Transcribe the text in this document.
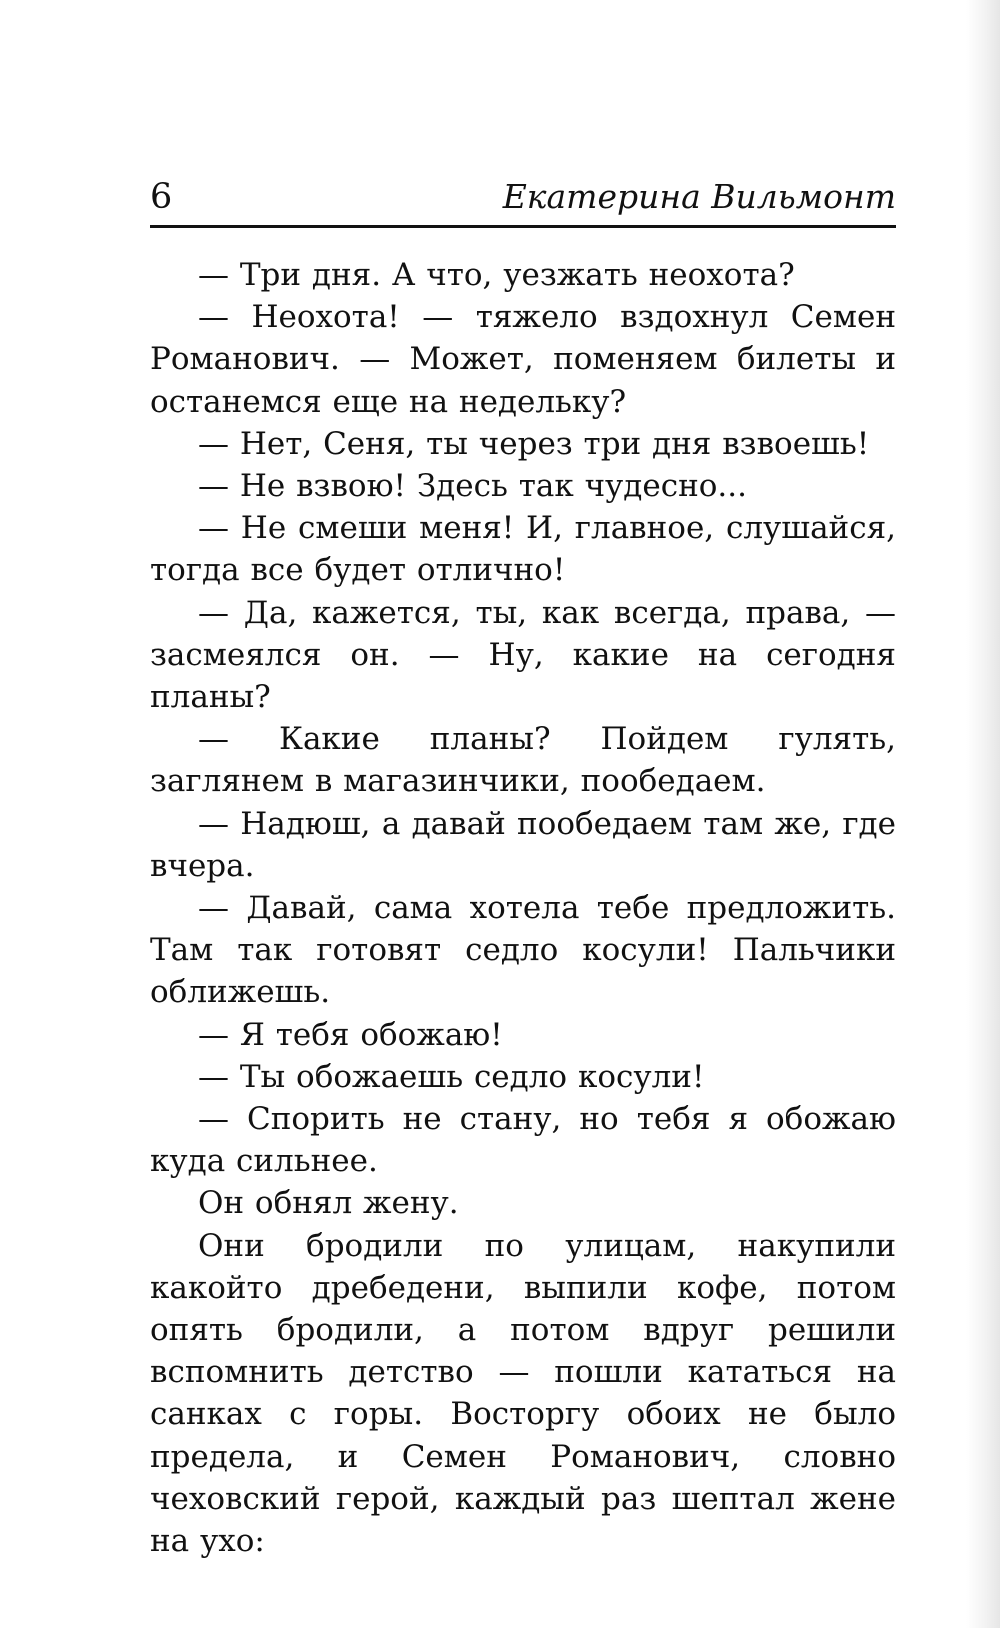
6	Екатерина Вильмонт

— Три дня. А что, уезжать неохота?

— Неохота! — тяжело вздохнул Семен Романович. — Может, поменяем билеты и останемся еще на недельку?

— Нет, Сеня, ты через три дня взвоешь!

— Не взвою! Здесь так чудесно...

— Не смеши меня! И, главное, слушайся, тогда все будет отлично!

— Да, кажется, ты, как всегда, права, — засмеялся он. — Ну, какие на сегодня планы?

— Какие планы? Пойдем гулять, заглянем в магазинчики, пообедаем.

— Надюш, а давай пообедаем там же, где вчера.

— Давай, сама хотела тебе предложить. Там так готовят седло косули! Пальчики оближешь.

— Я тебя обожаю!

— Ты обожаешь седло косули!

— Спорить не стану, но тебя я обожаю куда сильнее.

Он обнял жену.

Они бродили по улицам, накупили какойто дребедени, выпили кофе, потом опять бродили, а потом вдруг решили вспомнить детство — пошли кататься на санках с горы. Восторгу обоих не было предела, и Семен Романович, словно чеховский герой, каждый раз шептал жене на ухо:
